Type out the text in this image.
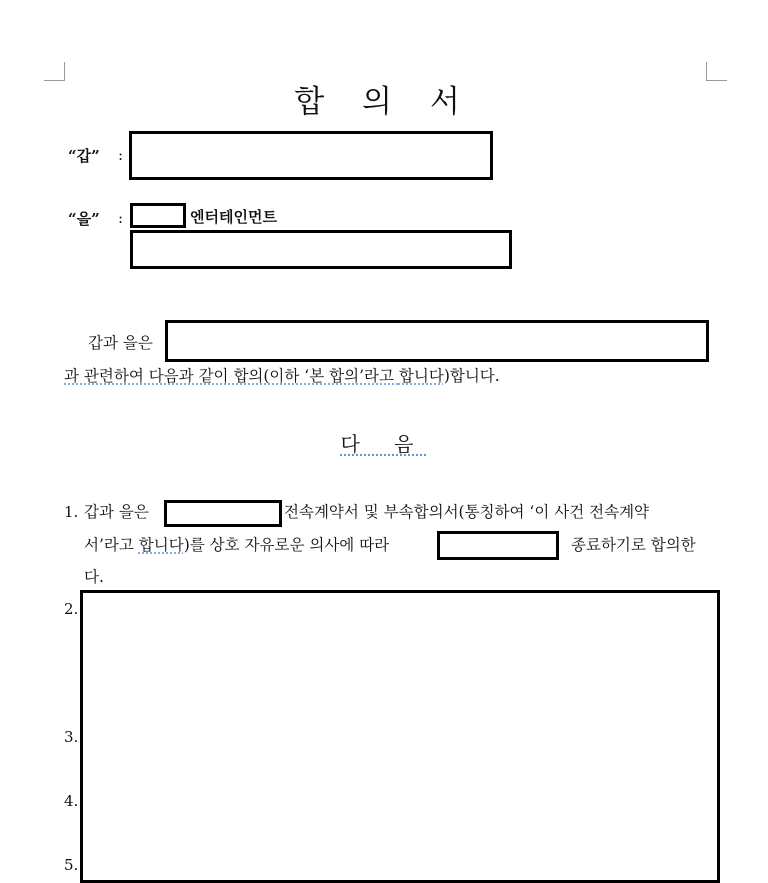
합 의 서
“갑” :
“을” :	엔터테인먼트
갑과 을은
과 관련하여 다음과 같이 합의(이하 ‘본 합의’라고 합니다)합니다.
다 음
1. 갑과 을은	전속계약서 및 부속합의서(통칭하여 ‘이 사건 전속계약
서’라고 합니다)를 상호 자유로운 의사에 따라	종료하기로 합의한
다.
2.
3.
4.
5.
